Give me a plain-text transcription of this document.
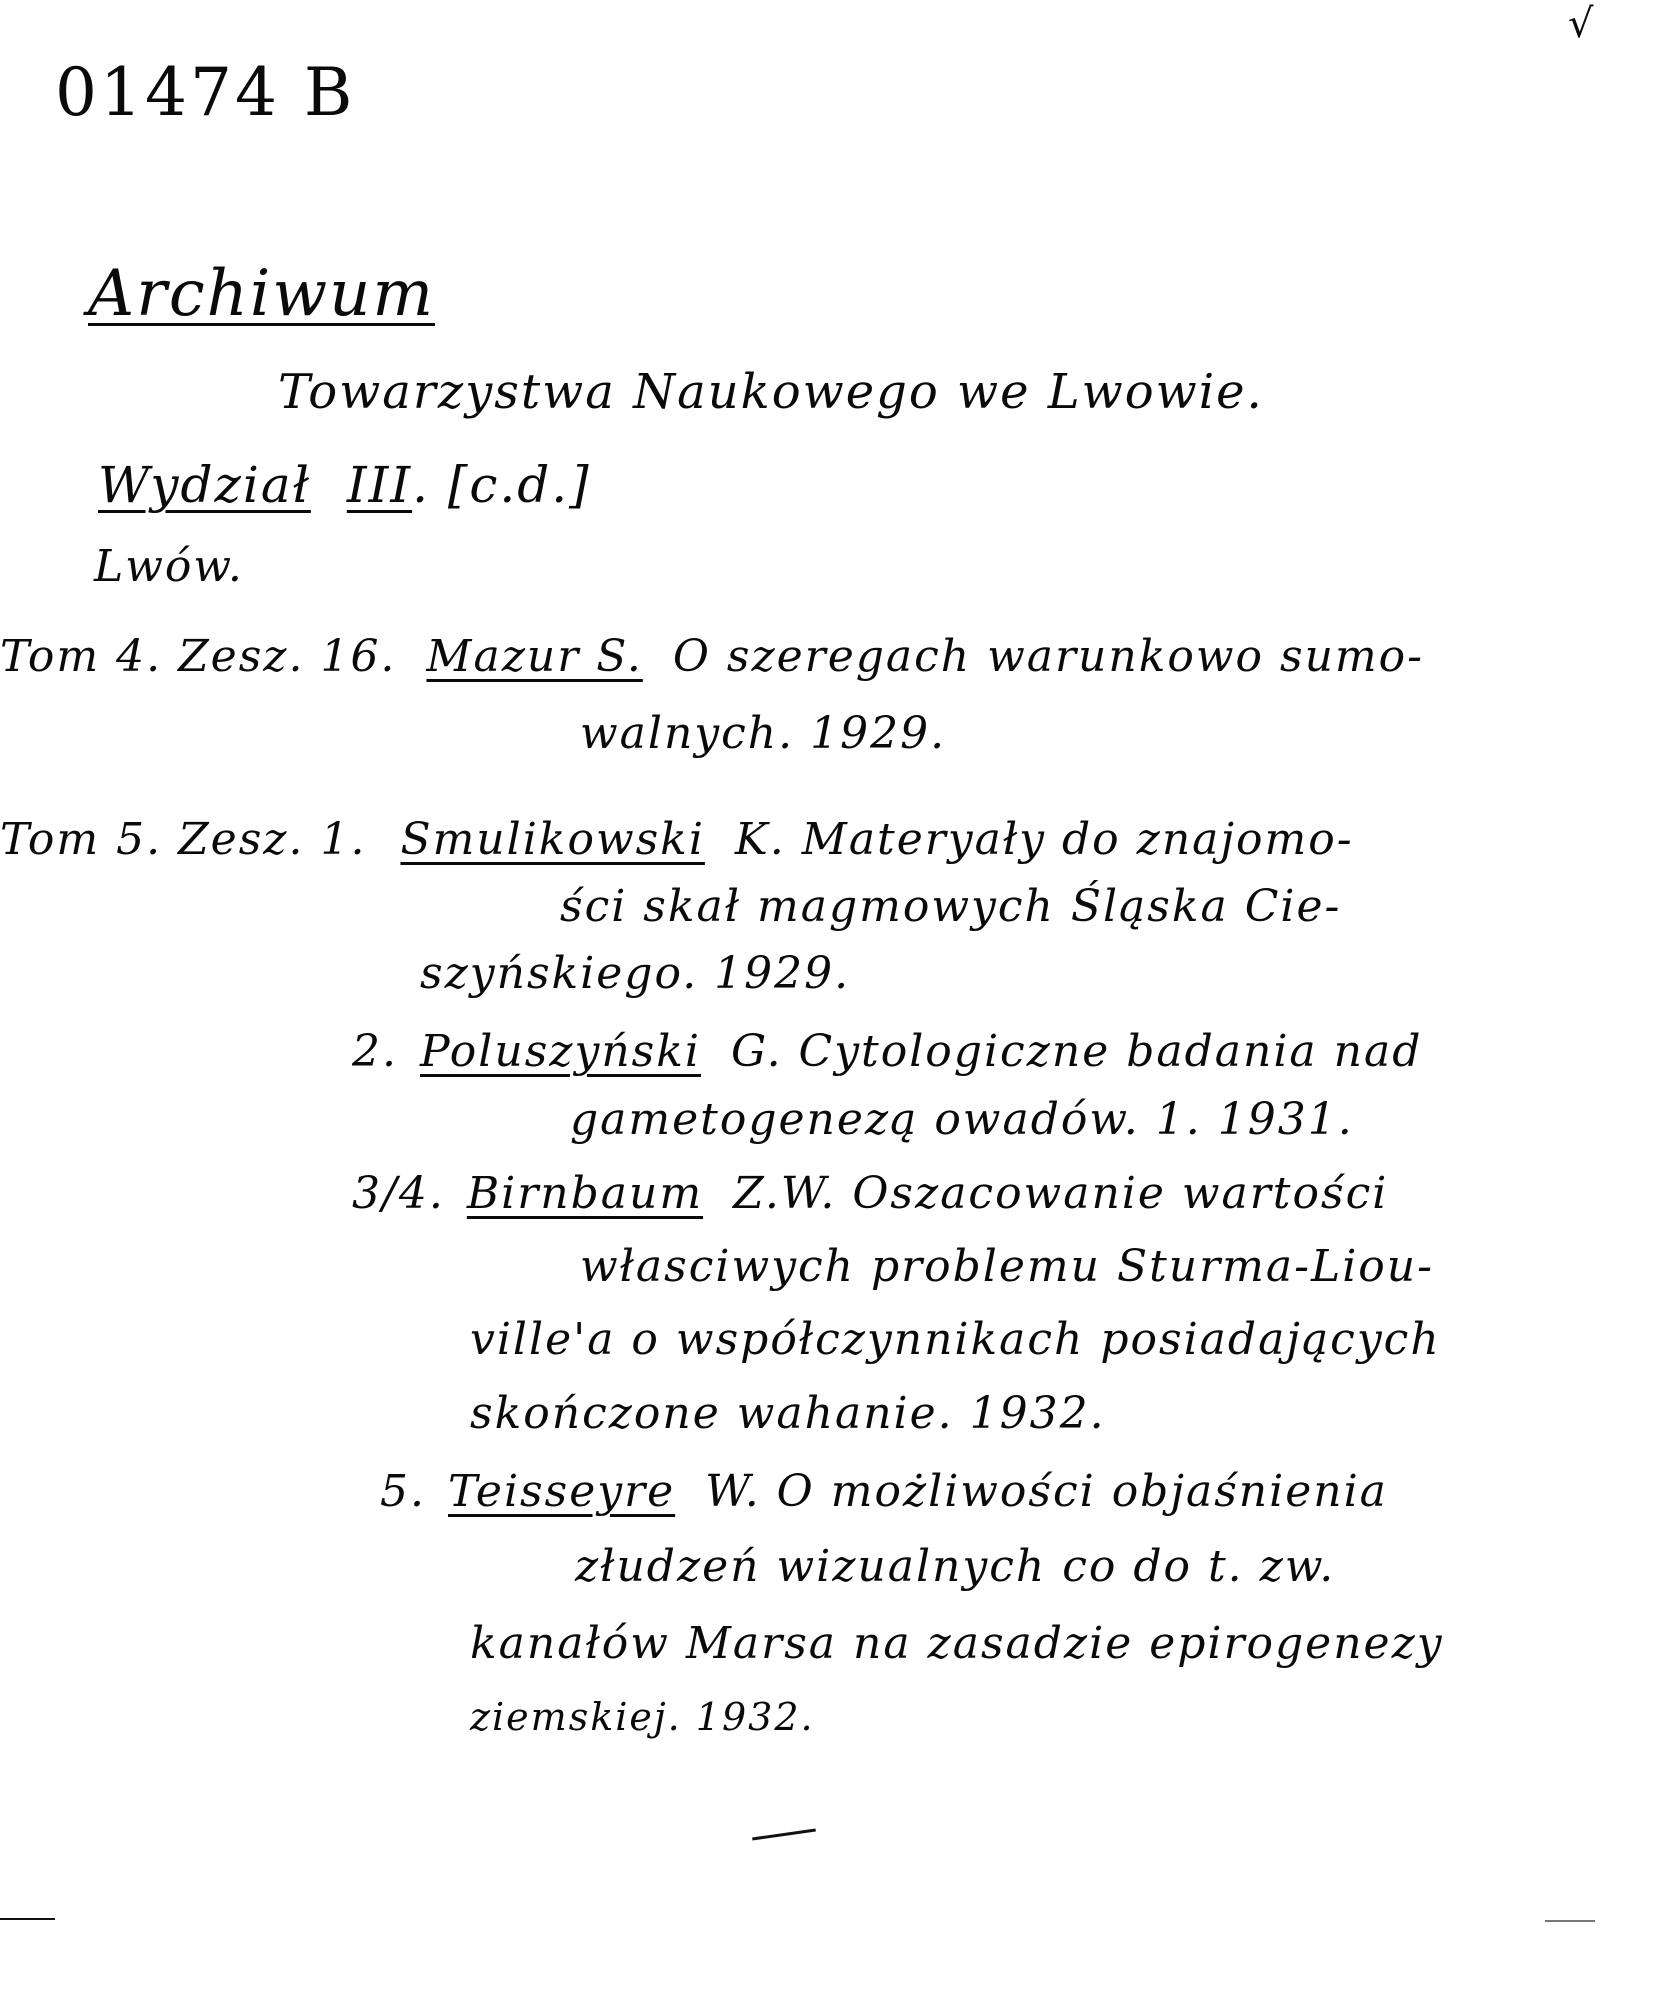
√
01474 B
Archiwum
Towarzystwa Naukowego we Lwowie.
Wydział III. [c.d.]
Lwów.
Tom 4. Zesz. 16. Mazur S. O szeregach warunkowo sumo-
walnych. 1929.
Tom 5. Zesz. 1. Smulikowski K. Materyały do znajomo-
ści skał magmowych Śląska Cie-
szyńskiego. 1929.
2. Poluszyński G. Cytologiczne badania nad
gametogenezą owadów. 1. 1931.
3/4. Birnbaum Z.W. Oszacowanie wartości
własciwych problemu Sturma-Liou-
ville'a o współczynnikach posiadających
skończone wahanie. 1932.
5. Teisseyre W. O możliwości objaśnienia
złudzeń wizualnych co do t. zw.
kanałów Marsa na zasadzie epirogenezy
ziemskiej. 1932.
